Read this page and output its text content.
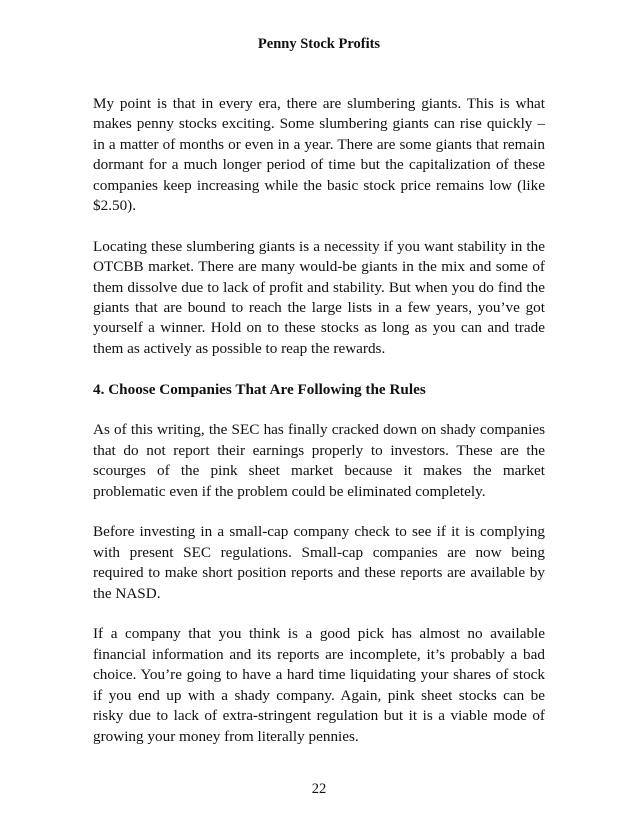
Penny Stock Profits

My point is that in every era, there are slumbering giants. This is what makes penny stocks exciting. Some slumbering giants can rise quickly – in a matter of months or even in a year. There are some giants that remain dormant for a much longer period of time but the capitalization of these companies keep increasing while the basic stock price remains low (like $2.50).

Locating these slumbering giants is a necessity if you want stability in the OTCBB market. There are many would-be giants in the mix and some of them dissolve due to lack of profit and stability. But when you do find the giants that are bound to reach the large lists in a few years, you’ve got yourself a winner. Hold on to these stocks as long as you can and trade them as actively as possible to reap the rewards.

4. Choose Companies That Are Following the Rules

As of this writing, the SEC has finally cracked down on shady companies that do not report their earnings properly to investors. These are the scourges of the pink sheet market because it makes the market problematic even if the problem could be eliminated completely.

Before investing in a small-cap company check to see if it is complying with present SEC regulations. Small-cap companies are now being required to make short position reports and these reports are available by the NASD.

If a company that you think is a good pick has almost no available financial information and its reports are incomplete, it’s probably a bad choice. You’re going to have a hard time liquidating your shares of stock if you end up with a shady company. Again, pink sheet stocks can be risky due to lack of extra-stringent regulation but it is a viable mode of growing your money from literally pennies.

22
